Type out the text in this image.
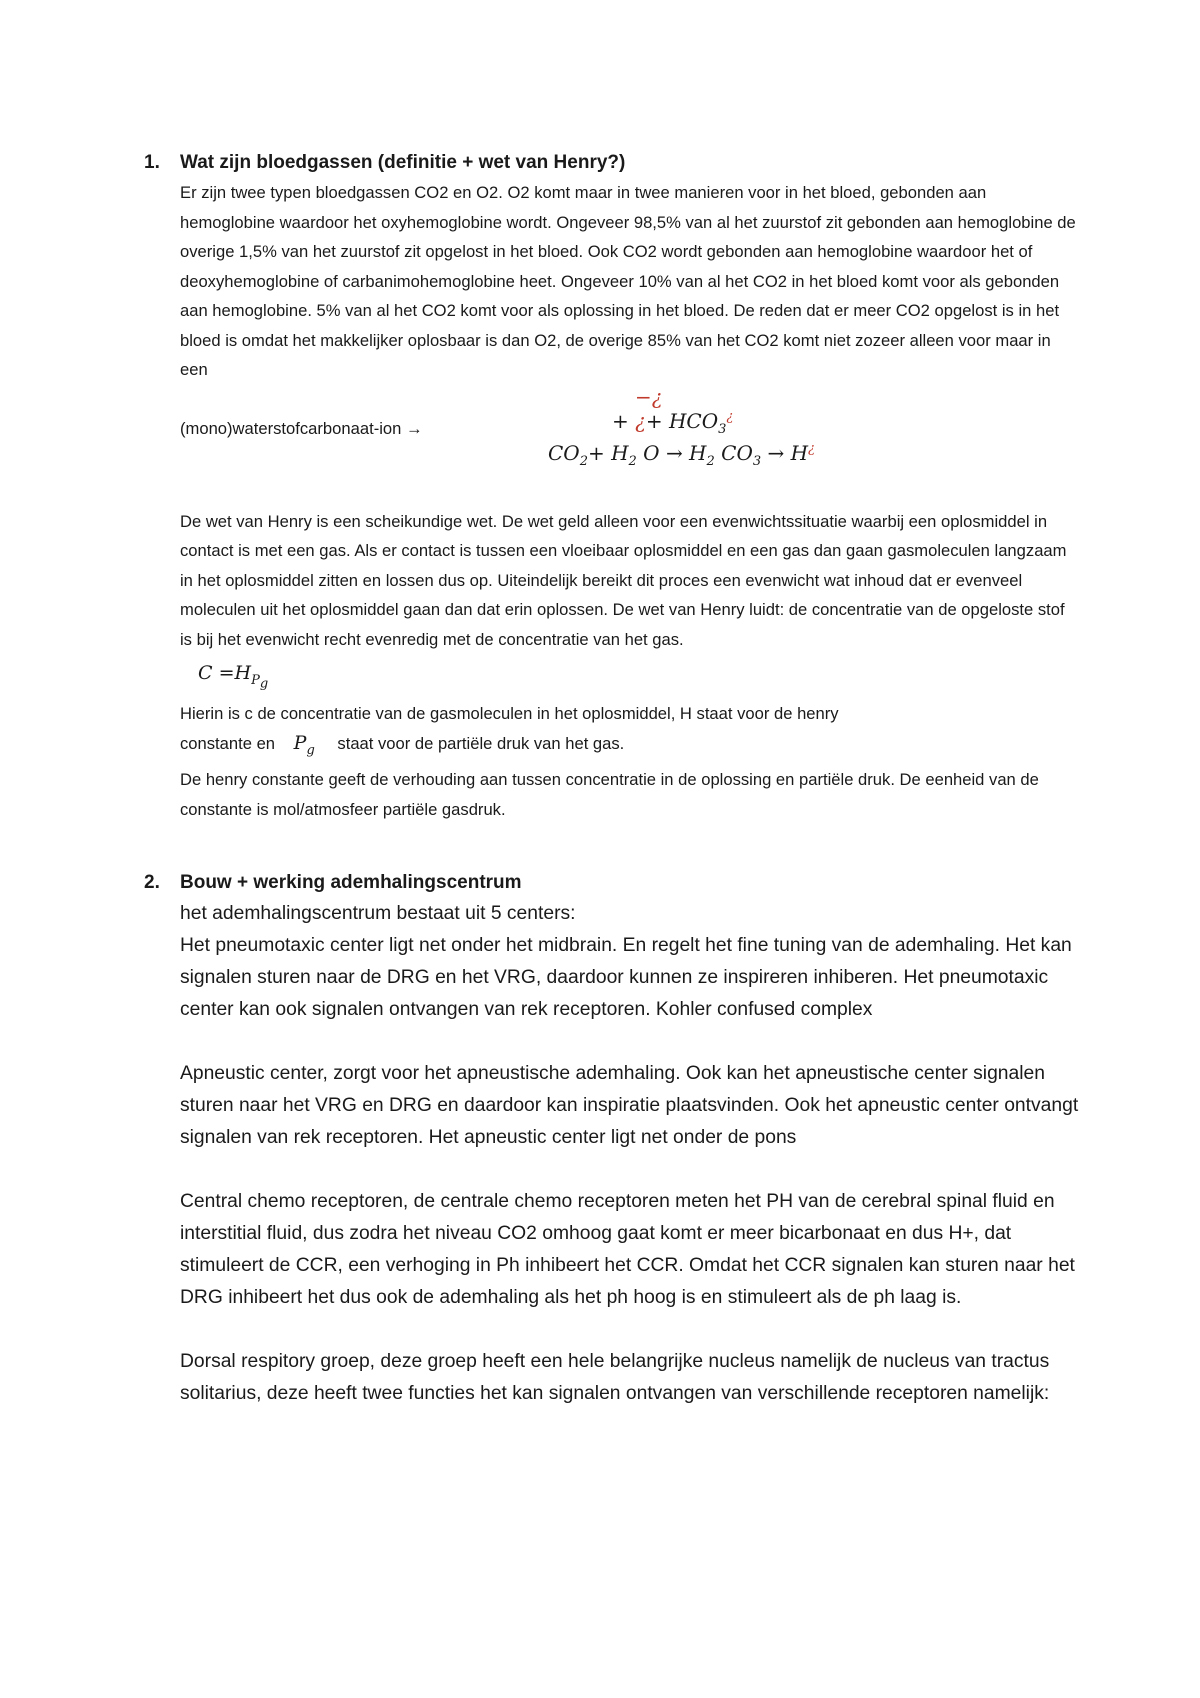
1. Wat zijn bloedgassen (definitie + wet van Henry?)

Er zijn twee typen bloedgassen CO2 en O2. O2 komt maar in twee manieren voor in het bloed, gebonden aan hemoglobine waardoor het oxyhemoglobine wordt. Ongeveer 98,5% van al het zuurstof zit gebonden aan hemoglobine de overige 1,5% van het zuurstof zit opgelost in het bloed. Ook CO2 wordt gebonden aan hemoglobine waardoor het of deoxyhemoglobine of carbanimohemoglobine heet. Ongeveer 10% van al het CO2 in het bloed komt voor als gebonden aan hemoglobine. 5% van al het CO2 komt voor als oplossing in het bloed. De reden dat er meer CO2 opgelost is in het bloed is omdat het makkelijker oplosbaar is dan O2, de overige 85% van het CO2 komt niet zozeer alleen voor maar in een

(mono)waterstofcarbonaat-ion →
−¿
+ ¿+ $HCO_3^¿$
$CO_2+ H_2$ $O \to H_2$ $CO_3 \to H^¿$

De wet van Henry is een scheikundige wet. De wet geld alleen voor een evenwichtssituatie waarbij een oplosmiddel in contact is met een gas. Als er contact is tussen een vloeibaar oplosmiddel en een gas dan gaan gasmoleculen langzaam in het oplosmiddel zitten en lossen dus op. Uiteindelijk bereikt dit proces een evenwicht wat inhoud dat er evenveel moleculen uit het oplosmiddel gaan dan dat erin oplossen. De wet van Henry luidt: de concentratie van de opgeloste stof is bij het evenwicht recht evenredig met de concentratie van het gas.

$C =H_{P_g}$

Hierin is c de concentratie van de gasmoleculen in het oplosmiddel, H staat voor de henry

constante en $P_g$ staat voor de partiële druk van het gas.

De henry constante geeft de verhouding aan tussen concentratie in de oplossing en partiële druk. De eenheid van de constante is mol/atmosfeer partiële gasdruk.

2. Bouw + werking ademhalingscentrum

het ademhalingscentrum bestaat uit 5 centers:

Het pneumotaxic center ligt net onder het midbrain. En regelt het fine tuning van de ademhaling. Het kan signalen sturen naar de DRG en het VRG, daardoor kunnen ze inspireren inhiberen. Het pneumotaxic center kan ook signalen ontvangen van rek receptoren. Kohler confused complex

Apneustic center, zorgt voor het apneustische ademhaling. Ook kan het apneustische center signalen sturen naar het VRG en DRG en daardoor kan inspiratie plaatsvinden. Ook het apneustic center ontvangt signalen van rek receptoren. Het apneustic center ligt net onder de pons

Central chemo receptoren, de centrale chemo receptoren meten het PH van de cerebral spinal fluid en interstitial fluid, dus zodra het niveau CO2 omhoog gaat komt er meer bicarbonaat en dus H+, dat stimuleert de CCR, een verhoging in Ph inhibeert het CCR. Omdat het CCR signalen kan sturen naar het DRG inhibeert het dus ook de ademhaling als het ph hoog is en stimuleert als de ph laag is.

Dorsal respitory groep, deze groep heeft een hele belangrijke nucleus namelijk de nucleus van tractus solitarius, deze heeft twee functies het kan signalen ontvangen van verschillende receptoren namelijk:
